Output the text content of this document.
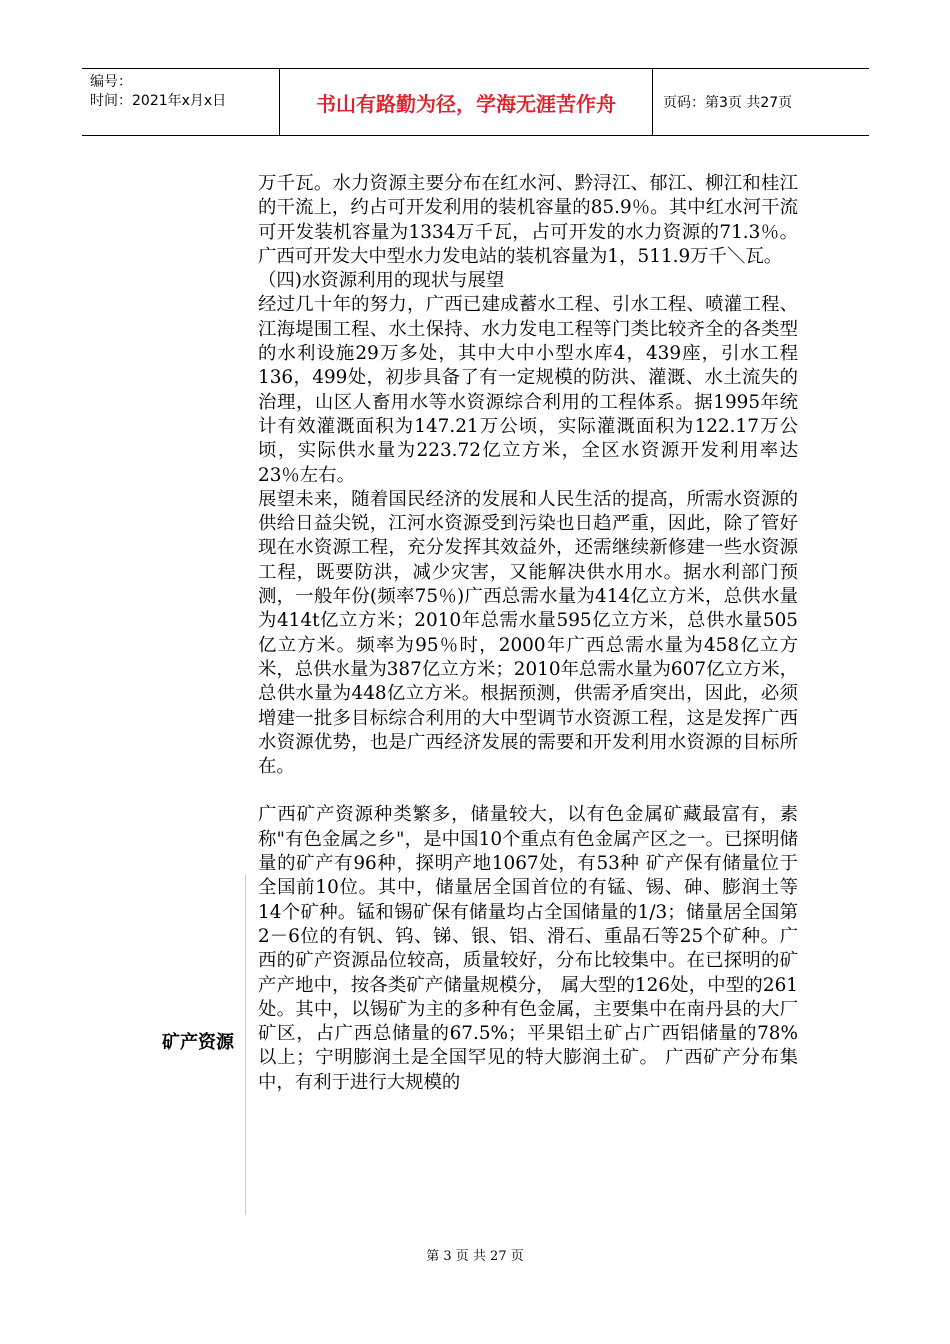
编号：
时间：2021年x月x日	书山有路勤为径，学海无涯苦作舟	页码：第3页 共27页

万千瓦。水力资源主要分布在红水河、黔浔江、郁江、柳江和桂江的干流上，约占可开发利用的装机容量的85.9％。其中红水河干流可开发装机容量为1334万千瓦，占可开发的水力资源的71.3％。广西可开发大中型水力发电站的装机容量为1，511.9万千＼瓦。

（四)水资源利用的现状与展望

经过几十年的努力，广西已建成蓄水工程、引水工程、喷灌工程、江海堤围工程、水土保持、水力发电工程等门类比较齐全的各类型的水利设施29万多处，其中大中小型水库4，439座，引水工程136，499处，初步具备了有一定规模的防洪、灌溉、水土流失的治理，山区人畜用水等水资源综合利用的工程体系。据1995年统计有效灌溉面积为147.21万公顷，实际灌溉面积为122.17万公顷，实际供水量为223.72亿立方米，全区水资源开发利用率达23％左右。

展望未来，随着国民经济的发展和人民生活的提高，所需水资源的供给日益尖锐，江河水资源受到污染也日趋严重，因此，除了管好现在水资源工程，充分发挥其效益外，还需继续新修建一些水资源工程，既要防洪，减少灾害，又能解决供水用水。据水利部门预测，一般年份(频率75％)广西总需水量为414亿立方米，总供水量为414t亿立方米；2010年总需水量595亿立方米，总供水量505亿立方米。频率为95％时，2000年广西总需水量为458亿立方米，总供水量为387亿立方米；2010年总需水量为607亿立方米，总供水量为448亿立方米。根据预测，供需矛盾突出，因此，必须增建一批多目标综合利用的大中型调节水资源工程，这是发挥广西水资源优势，也是广西经济发展的需要和开发利用水资源的目标所在。

广西矿产资源种类繁多，储量较大，以有色金属矿藏最富有，素称"有色金属之乡"，是中国10个重点有色金属产区之一。已探明储量的矿产有96种，探明产地1067处，有53种 矿产保有储量位于全国前10位。其中，储量居全国首位的有锰、锡、砷、膨润土等14个矿种。锰和锡矿保有储量均占全国储量的1/3；储量居全国第2－6位的有钒、钨、锑、银、铝、滑石、重晶石等25个矿种。广西的矿产资源品位较高，质量较好，分布比较集中。在已探明的矿产产地中，按各类矿产储量规模分， 属大型的126处，中型的261处。其中，以锡矿为主的多种有色金属，主要集中在南丹县的大厂矿区，占广西总储量的67.5%；平果铝土矿占广西铝储量的78%以上；宁明膨润土是全国罕见的特大膨润土矿。 广西矿产分布集中，有利于进行大规模的

矿产资源
第 3 页 共 27 页
